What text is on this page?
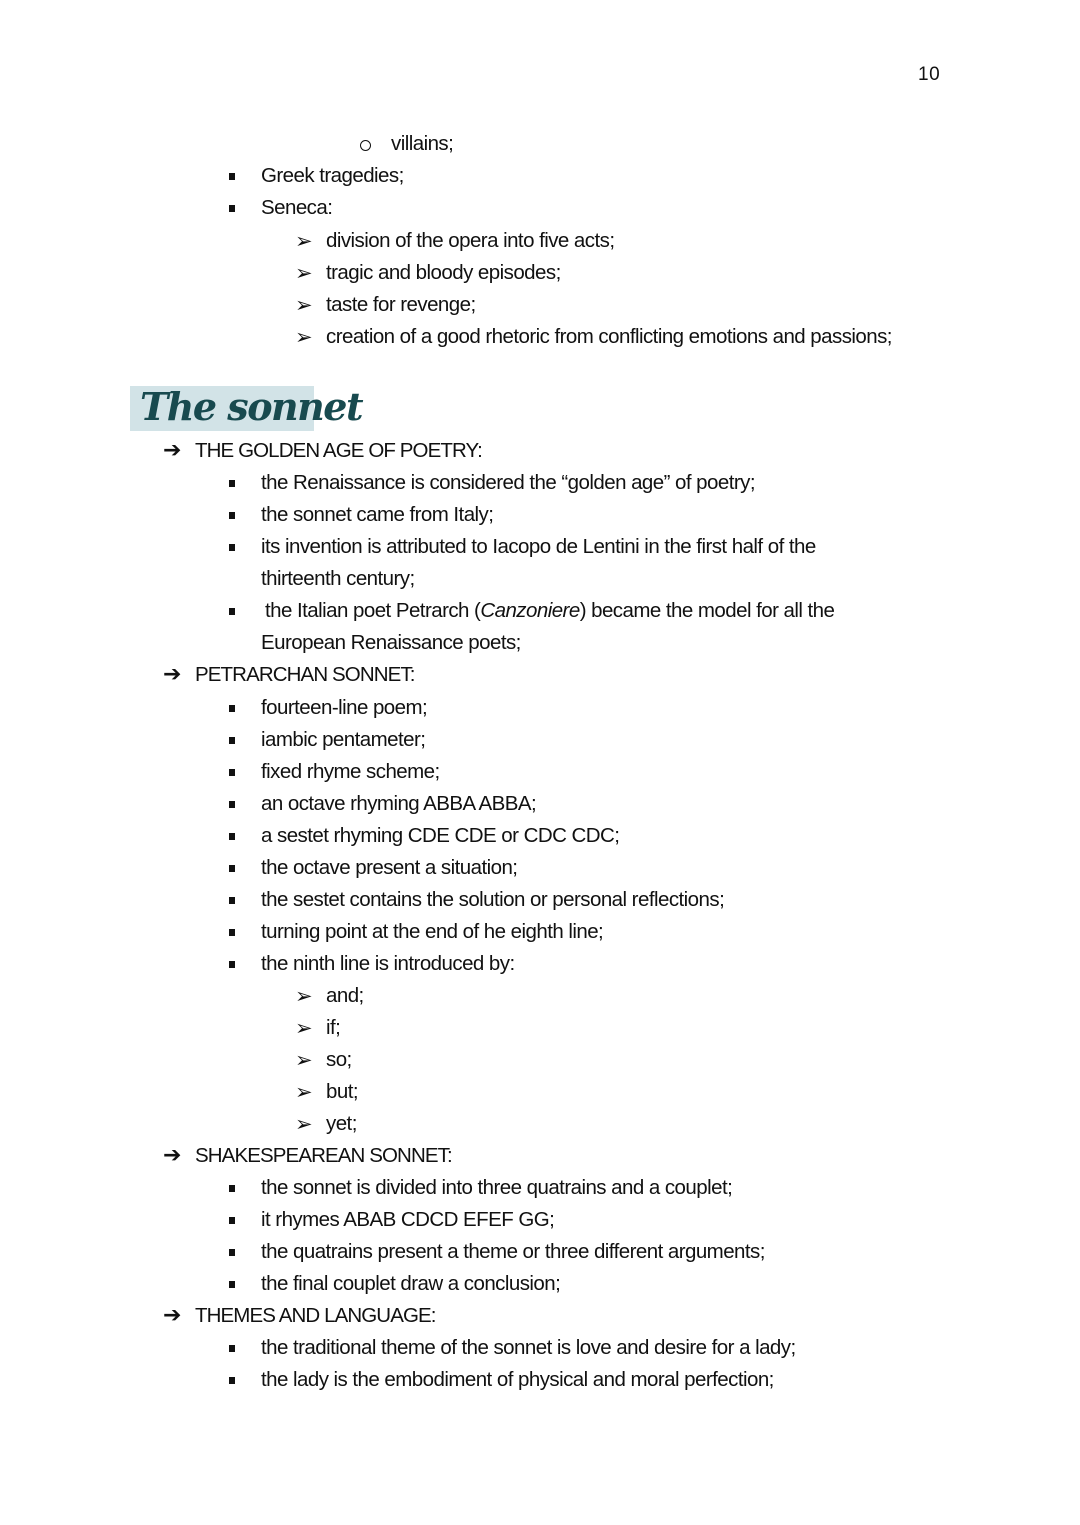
10
villains;
Greek tragedies;
Seneca:
➢ division of the opera into five acts;
➢ tragic and bloody episodes;
➢ taste for revenge;
➢ creation of a good rhetoric from conflicting emotions and passions;
The sonnet
➔ THE GOLDEN AGE OF POETRY:
the Renaissance is considered the “golden age” of poetry;
the sonnet came from Italy;
its invention is attributed to Iacopo de Lentini in the first half of the
thirteenth century;
the Italian poet Petrarch (Canzoniere) became the model for all the
European Renaissance poets;
➔ PETRARCHAN SONNET:
fourteen-line poem;
iambic pentameter;
fixed rhyme scheme;
an octave rhyming ABBA ABBA;
a sestet rhyming CDE CDE or CDC CDC;
the octave present a situation;
the sestet contains the solution or personal reflections;
turning point at the end of he eighth line;
the ninth line is introduced by:
➢ and;
➢ if;
➢ so;
➢ but;
➢ yet;
➔ SHAKESPEAREAN SONNET:
the sonnet is divided into three quatrains and a couplet;
it rhymes ABAB CDCD EFEF GG;
the quatrains present a theme or three different arguments;
the final couplet draw a conclusion;
➔ THEMES AND LANGUAGE:
the traditional theme of the sonnet is love and desire for a lady;
the lady is the embodiment of physical and moral perfection;
